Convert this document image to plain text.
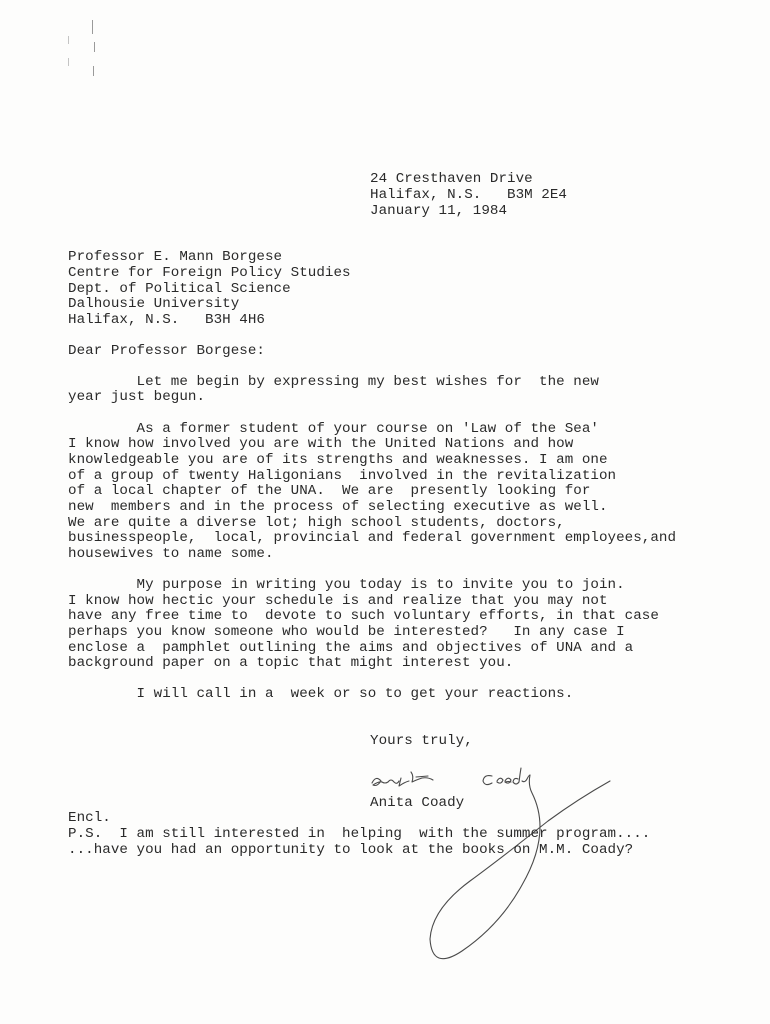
24 Cresthaven Drive
Halifax, N.S.   B3M 2E4
January 11, 1984
Professor E. Mann Borgese
Centre for Foreign Policy Studies
Dept. of Political Science
Dalhousie University
Halifax, N.S.   B3H 4H6
Dear Professor Borgese:
Let me begin by expressing my best wishes for  the new
year just begun.
As a former student of your course on 'Law of the Sea'
I know how involved you are with the United Nations and how
knowledgeable you are of its strengths and weaknesses. I am one
of a group of twenty Haligonians  involved in the revitalization
of a local chapter of the UNA.  We are  presently looking for
new  members and in the process of selecting executive as well.
We are quite a diverse lot; high school students, doctors,
businesspeople,  local, provincial and federal government employees,and
housewives to name some.
My purpose in writing you today is to invite you to join.
I know how hectic your schedule is and realize that you may not
have any free time to  devote to such voluntary efforts, in that case
perhaps you know someone who would be interested?   In any case I
enclose a  pamphlet outlining the aims and objectives of UNA and a
background paper on a topic that might interest you.
I will call in a  week or so to get your reactions.
Yours truly,
Anita Coady
Encl.
P.S.  I am still interested in  helping  with the summer program....
...have you had an opportunity to look at the books on M.M. Coady?
